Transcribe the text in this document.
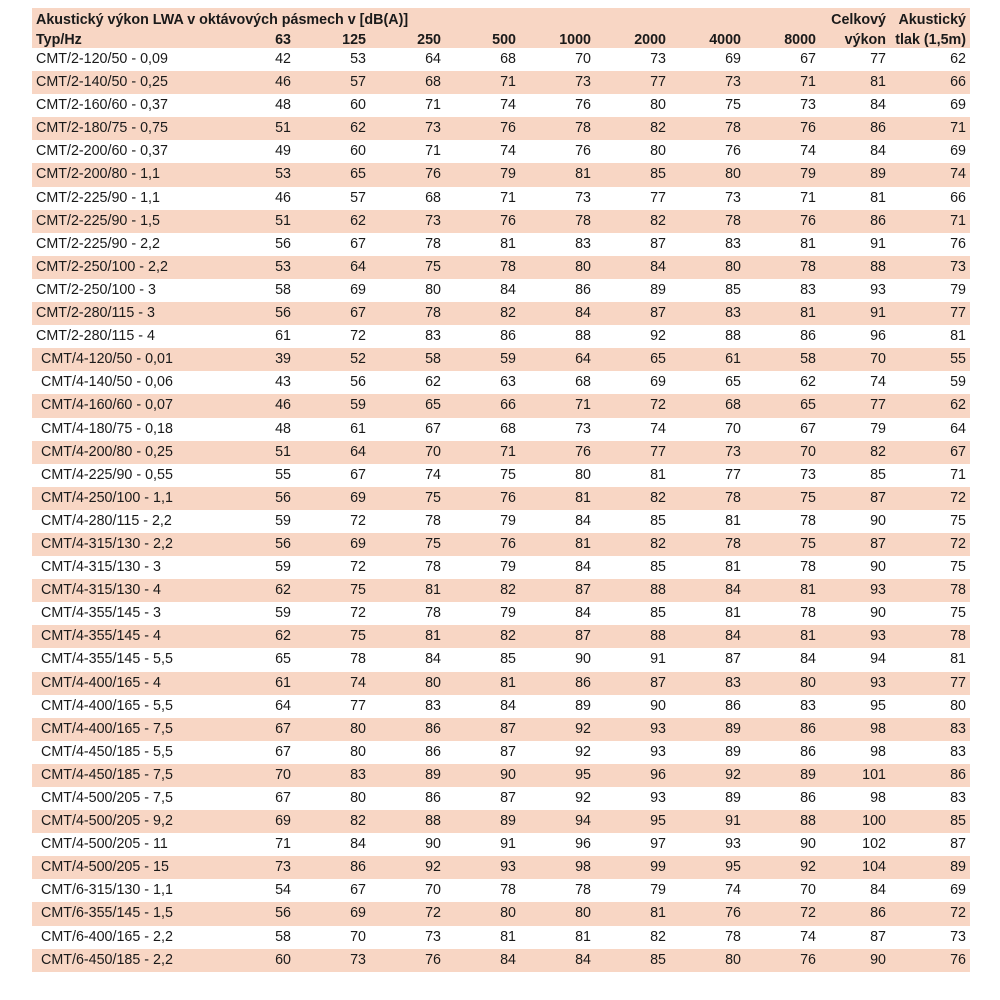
Akustický výkon LWA v oktávových pásmech v [dB(A)]									Celkový	Akustický
Typ/Hz	63	125	250	500	1000	2000	4000	8000	výkon	tlak (1,5m)
CMT/2-120/50 - 0,09	42	53	64	68	70	73	69	67	77	62
CMT/2-140/50 - 0,25	46	57	68	71	73	77	73	71	81	66
CMT/2-160/60 - 0,37	48	60	71	74	76	80	75	73	84	69
CMT/2-180/75 - 0,75	51	62	73	76	78	82	78	76	86	71
CMT/2-200/60 - 0,37	49	60	71	74	76	80	76	74	84	69
CMT/2-200/80 - 1,1	53	65	76	79	81	85	80	79	89	74
CMT/2-225/90 - 1,1	46	57	68	71	73	77	73	71	81	66
CMT/2-225/90 - 1,5	51	62	73	76	78	82	78	76	86	71
CMT/2-225/90 - 2,2	56	67	78	81	83	87	83	81	91	76
CMT/2-250/100 - 2,2	53	64	75	78	80	84	80	78	88	73
CMT/2-250/100 - 3	58	69	80	84	86	89	85	83	93	79
CMT/2-280/115 - 3	56	67	78	82	84	87	83	81	91	77
CMT/2-280/115 - 4	61	72	83	86	88	92	88	86	96	81
CMT/4-120/50 - 0,01	39	52	58	59	64	65	61	58	70	55
CMT/4-140/50 - 0,06	43	56	62	63	68	69	65	62	74	59
CMT/4-160/60 - 0,07	46	59	65	66	71	72	68	65	77	62
CMT/4-180/75 - 0,18	48	61	67	68	73	74	70	67	79	64
CMT/4-200/80 - 0,25	51	64	70	71	76	77	73	70	82	67
CMT/4-225/90 - 0,55	55	67	74	75	80	81	77	73	85	71
CMT/4-250/100 - 1,1	56	69	75	76	81	82	78	75	87	72
CMT/4-280/115 - 2,2	59	72	78	79	84	85	81	78	90	75
CMT/4-315/130 - 2,2	56	69	75	76	81	82	78	75	87	72
CMT/4-315/130 - 3	59	72	78	79	84	85	81	78	90	75
CMT/4-315/130 - 4	62	75	81	82	87	88	84	81	93	78
CMT/4-355/145 - 3	59	72	78	79	84	85	81	78	90	75
CMT/4-355/145 - 4	62	75	81	82	87	88	84	81	93	78
CMT/4-355/145 - 5,5	65	78	84	85	90	91	87	84	94	81
CMT/4-400/165 - 4	61	74	80	81	86	87	83	80	93	77
CMT/4-400/165 - 5,5	64	77	83	84	89	90	86	83	95	80
CMT/4-400/165 - 7,5	67	80	86	87	92	93	89	86	98	83
CMT/4-450/185 - 5,5	67	80	86	87	92	93	89	86	98	83
CMT/4-450/185 - 7,5	70	83	89	90	95	96	92	89	101	86
CMT/4-500/205 - 7,5	67	80	86	87	92	93	89	86	98	83
CMT/4-500/205 - 9,2	69	82	88	89	94	95	91	88	100	85
CMT/4-500/205 - 11	71	84	90	91	96	97	93	90	102	87
CMT/4-500/205 - 15	73	86	92	93	98	99	95	92	104	89
CMT/6-315/130 - 1,1	54	67	70	78	78	79	74	70	84	69
CMT/6-355/145 - 1,5	56	69	72	80	80	81	76	72	86	72
CMT/6-400/165 - 2,2	58	70	73	81	81	82	78	74	87	73
CMT/6-450/185 - 2,2	60	73	76	84	84	85	80	76	90	76
